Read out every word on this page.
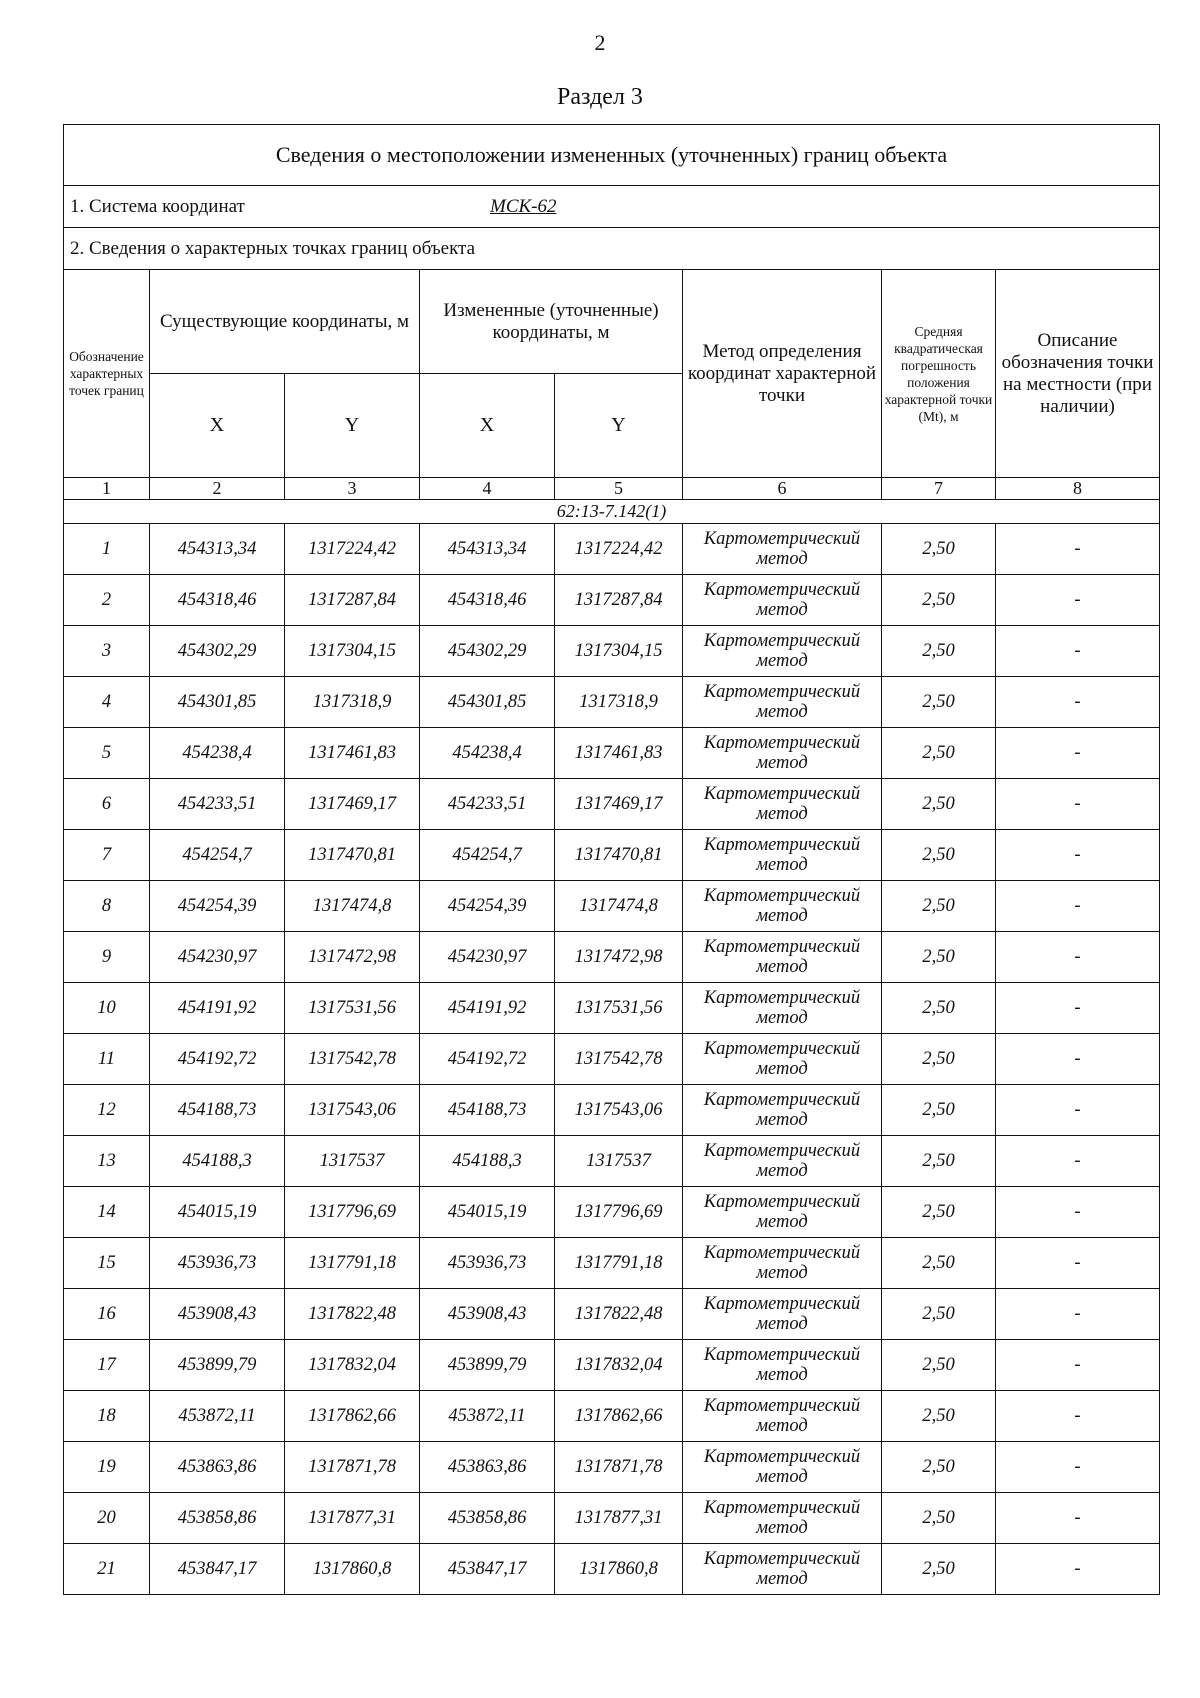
2
Раздел 3
Сведения о местоположении измененных (уточненных) границ объекта							

1. Система координат МСК-62							

2. Сведения о характерных точках границ объекта							
Обозначение характерных точек границ	Существующие координаты, м		Измененные (уточненные) координаты, м		Метод определения координат характерной точки	Средняя квадратическая погрешность положения характерной точки (Mt), м	Описание обозначения точки на местности (при наличии)
	X	Y	X	Y			
1	2	3	4	5	6	7	8
62:13-7.142(1)							
1	454313,34	1317224,42	454313,34	1317224,42	Картометрический метод	2,50	-
2	454318,46	1317287,84	454318,46	1317287,84	Картометрический метод	2,50	-
3	454302,29	1317304,15	454302,29	1317304,15	Картометрический метод	2,50	-
4	454301,85	1317318,9	454301,85	1317318,9	Картометрический метод	2,50	-
5	454238,4	1317461,83	454238,4	1317461,83	Картометрический метод	2,50	-
6	454233,51	1317469,17	454233,51	1317469,17	Картометрический метод	2,50	-
7	454254,7	1317470,81	454254,7	1317470,81	Картометрический метод	2,50	-
8	454254,39	1317474,8	454254,39	1317474,8	Картометрический метод	2,50	-
9	454230,97	1317472,98	454230,97	1317472,98	Картометрический метод	2,50	-
10	454191,92	1317531,56	454191,92	1317531,56	Картометрический метод	2,50	-
11	454192,72	1317542,78	454192,72	1317542,78	Картометрический метод	2,50	-
12	454188,73	1317543,06	454188,73	1317543,06	Картометрический метод	2,50	-
13	454188,3	1317537	454188,3	1317537	Картометрический метод	2,50	-
14	454015,19	1317796,69	454015,19	1317796,69	Картометрический метод	2,50	-
15	453936,73	1317791,18	453936,73	1317791,18	Картометрический метод	2,50	-
16	453908,43	1317822,48	453908,43	1317822,48	Картометрический метод	2,50	-
17	453899,79	1317832,04	453899,79	1317832,04	Картометрический метод	2,50	-
18	453872,11	1317862,66	453872,11	1317862,66	Картометрический метод	2,50	-
19	453863,86	1317871,78	453863,86	1317871,78	Картометрический метод	2,50	-
20	453858,86	1317877,31	453858,86	1317877,31	Картометрический метод	2,50	-
21	453847,17	1317860,8	453847,17	1317860,8	Картометрический метод	2,50	-
